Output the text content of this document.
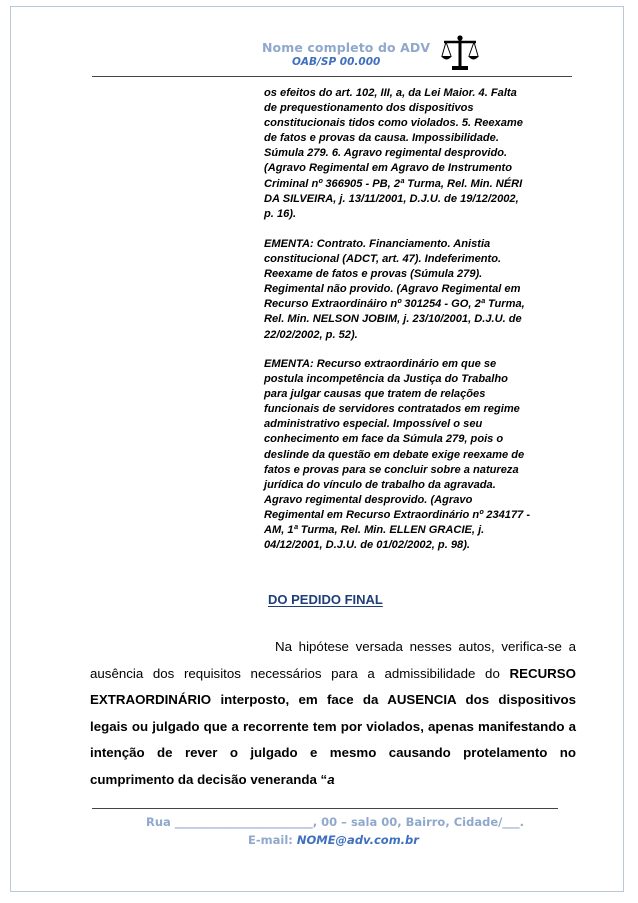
Nome completo do ADV
OAB/SP 00.000

os efeitos do art. 102, III, a, da Lei Maior. 4. Falta

de prequestionamento dos dispositivos

constitucionais tidos como violados. 5. Reexame

de fatos e provas da causa. Impossibilidade.

Súmula 279. 6. Agravo regimental desprovido.

(Agravo Regimental em Agravo de Instrumento

Criminal nº 366905 - PB, 2ª Turma, Rel. Min. NÉRI

DA SILVEIRA, j. 13/11/2001, D.J.U. de 19/12/2002,

p. 16).

EMENTA: Contrato. Financiamento. Anistia

constitucional (ADCT, art. 47). Indeferimento.

Reexame de fatos e provas (Súmula 279).

Regimental não provido. (Agravo Regimental em

Recurso Extraordináiro nº 301254 - GO, 2ª Turma,

Rel. Min. NELSON JOBIM, j. 23/10/2001, D.J.U. de

22/02/2002, p. 52).

EMENTA: Recurso extraordinário em que se

postula incompetência da Justiça do Trabalho

para julgar causas que tratem de relações

funcionais de servidores contratados em regime

administrativo especial. Impossível o seu

conhecimento em face da Súmula 279, pois o

deslinde da questão em debate exige reexame de

fatos e provas para se concluir sobre a natureza

jurídica do vínculo de trabalho da agravada.

Agravo regimental desprovido. (Agravo

Regimental em Recurso Extraordinário nº 234177 -

AM, 1ª Turma, Rel. Min. ELLEN GRACIE, j.

04/12/2001, D.J.U. de 01/02/2002, p. 98).

DO PEDIDO FINAL

Na hipótese versada nesses autos, verifica-se a ausência dos requisitos necessários para a admissibilidade do RECURSO EXTRAORDINÁRIO interposto, em face da AUSENCIA dos dispositivos legais ou julgado que a recorrente tem por violados, apenas manifestando a intenção de rever o julgado e mesmo causando protelamento no cumprimento da decisão veneranda “a

Rua ________________________, 00 – sala 00, Bairro, Cidade/___.
E-mail: NOME@adv.com.br
